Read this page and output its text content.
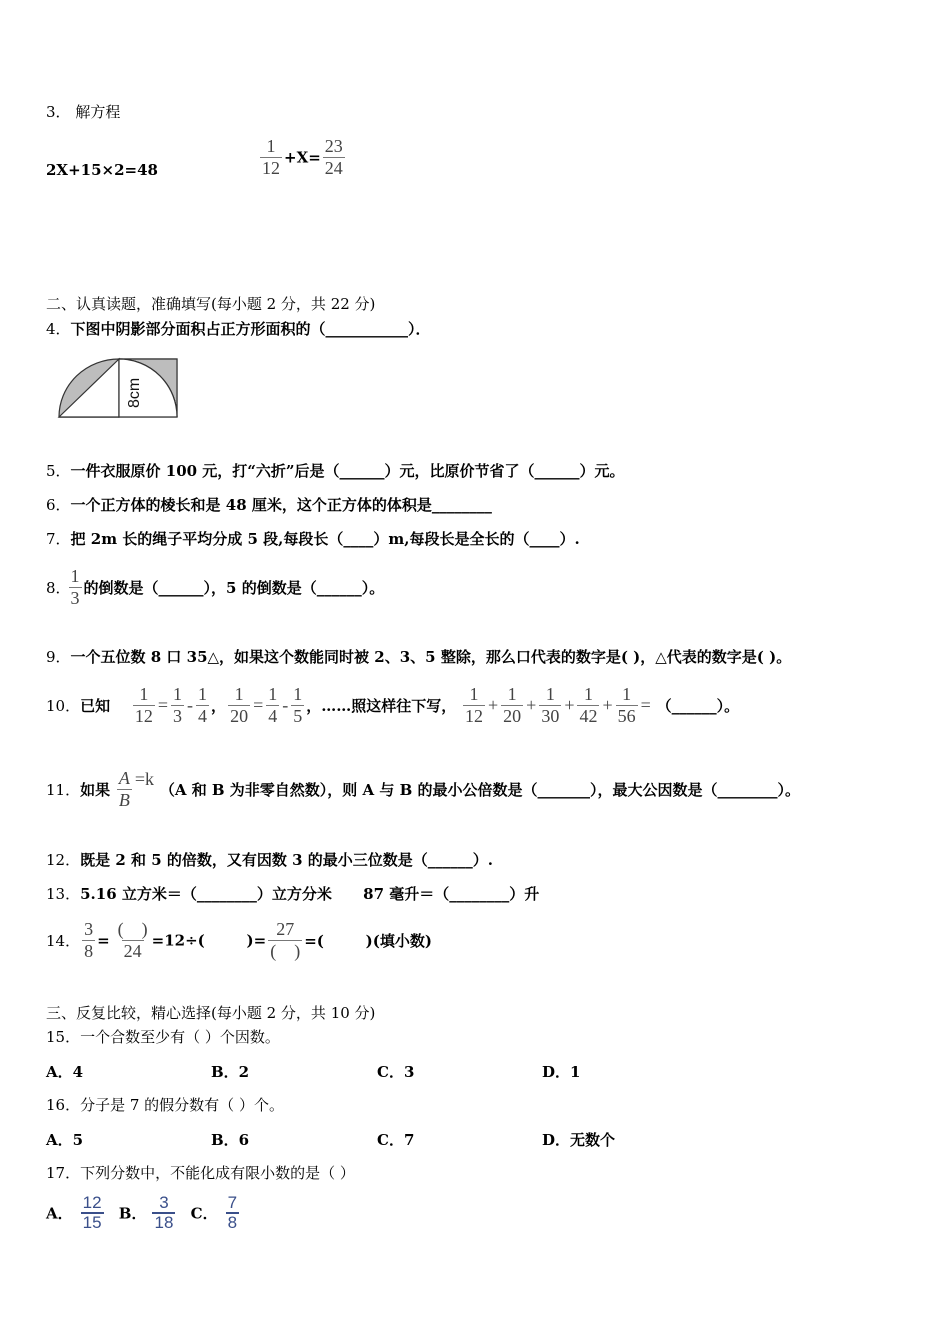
3． 解方程
2X+15×2=48	$\frac{1}{12} +X= \frac{23}{24}$
二、认真读题，准确填写(每小题 2 分，共 22 分)
4．下图中阴影部分面积占正方形面积的（___________）．
8cm
5．一件衣服原价 100 元，打“六折”后是（______）元，比原价节省了（______）元。
6．一个正方体的棱长和是 48 厘米，这个正方体的体积是________
7．把 2m 长的绳子平均分成 5 段,每段长（____）m,每段长是全长的（____）.
8．
$\frac{1}{3}$ 的倒数是（______），5 的倒数是（______）。
9．一个五位数 8 口 35△，如果这个数能同时被 2、3、5 整除，那么口代表的数字是( )，△代表的数字是( )。
10．已知 $\frac{1}{12} = \frac{1}{3} - \frac{1}{4}$ ， $\frac{1}{20} = \frac{1}{4} - \frac{1}{5}$ ，……照这样往下写， $\frac{1}{12} + \frac{1}{20} + \frac{1}{30} + \frac{1}{42} + \frac{1}{56}$ = （______）。
11．如果 $\frac{A}{B} =k$ （A 和 B 为非零自然数），则 A 与 B 的最小公倍数是（_______），最大公因数是（________）。
12．既是 2 和 5 的倍数，又有因数 3 的最小三位数是（______）.
13．5.16 立方米＝（________）立方分米      87 毫升＝（________）升
14． $\frac{3}{8} = \frac{( )}{24} =12\div$(        )= $\frac{27}{( )}$ =(        )(填小数)
三、反复比较，精心选择(每小题 2 分，共 10 分)
15．一个合数至少有（ ）个因数。
A．4	B．2	C．3	D．1
16．分子是 7 的假分数有（ ）个。
A．5	B．6	C．7	D．无数个
17．下列分数中，不能化成有限小数的是（ ）
A． $\frac{12}{15}$ B． $\frac{3}{18}$ C． $\frac{7}{8}$
